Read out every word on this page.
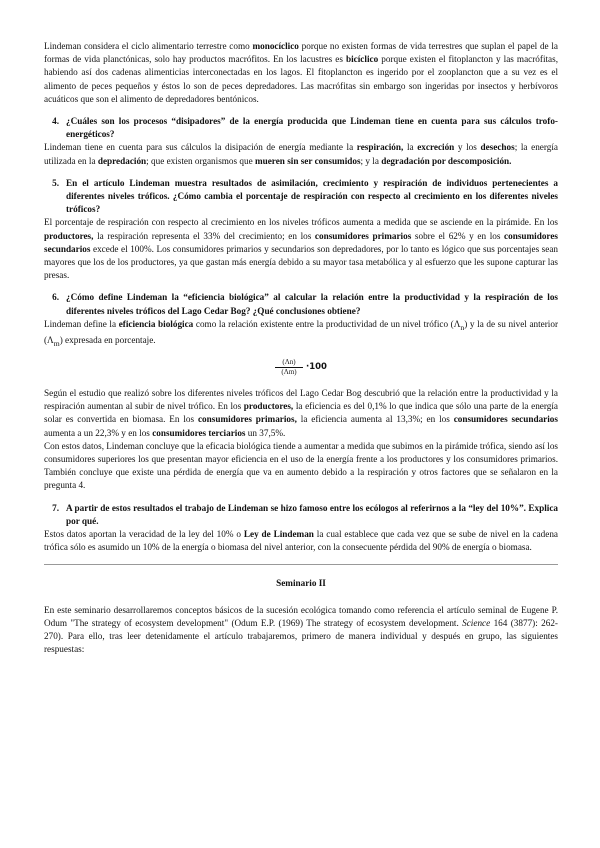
Lindeman considera el ciclo alimentario terrestre como monocíclico porque no existen formas de vida terrestres que suplan el papel de la formas de vida planctónicas, solo hay productos macrófitos. En los lacustres es bicíclico porque existen el fitoplancton y las macrófitas, habiendo así dos cadenas alimenticias interconectadas en los lagos. El fitoplancton es ingerido por el zooplancton que a su vez es el alimento de peces pequeños y éstos lo son de peces depredadores. Las macrófitas sin embargo son ingeridas por insectos y herbívoros acuáticos que son el alimento de depredadores bentónicos.

4. ¿Cuáles son los procesos “disipadores” de la energía producida que Lindeman tiene en cuenta para sus cálculos trofo-energéticos?

Lindeman tiene en cuenta para sus cálculos la disipación de energía mediante la respiración, la excreción y los desechos; la energía utilizada en la depredación; que existen organismos que mueren sin ser consumidos; y la degradación por descomposición.

5. En el artículo Lindeman muestra resultados de asimilación, crecimiento y respiración de individuos pertenecientes a diferentes niveles tróficos. ¿Cómo cambia el porcentaje de respiración con respecto al crecimiento en los diferentes niveles tróficos?

El porcentaje de respiración con respecto al crecimiento en los niveles tróficos aumenta a medida que se asciende en la pirámide. En los productores, la respiración representa el 33% del crecimiento; en los consumidores primarios sobre el 62% y en los consumidores secundarios excede el 100%. Los consumidores primarios y secundarios son depredadores, por lo tanto es lógico que sus porcentajes sean mayores que los de los productores, ya que gastan más energía debido a su mayor tasa metabólica y al esfuerzo que les supone capturar las presas.

6. ¿Cómo define Lindeman la “eficiencia biológica” al calcular la relación entre la productividad y la respiración de los diferentes niveles tróficos del Lago Cedar Bog? ¿Qué conclusiones obtiene?

Lindeman define la eficiencia biológica como la relación existente entre la productividad de un nivel trófico $(\Lambda_n)$ y la de su nivel anterior $(\Lambda_m)$ expresada en porcentaje.

$\frac{(\Lambda n)}{(\Lambda m)} \cdot 100$

Según el estudio que realizó sobre los diferentes niveles tróficos del Lago Cedar Bog descubrió que la relación entre la productividad y la respiración aumentan al subir de nivel trófico. En los productores, la eficiencia es del 0,1% lo que indica que sólo una parte de la energía solar es convertida en biomasa. En los consumidores primarios, la eficiencia aumenta al 13,3%; en los consumidores secundarios aumenta a un 22,3% y en los consumidores terciarios un 37,5%.

Con estos datos, Lindeman concluye que la eficacia biológica tiende a aumentar a medida que subimos en la pirámide trófica, siendo así los consumidores superiores los que presentan mayor eficiencia en el uso de la energía frente a los productores y los consumidores primarios. También concluye que existe una pérdida de energía que va en aumento debido a la respiración y otros factores que se señalaron en la pregunta 4.

7. A partir de estos resultados el trabajo de Lindeman se hizo famoso entre los ecólogos al referirnos a la “ley del 10%”. Explica por qué.

Estos datos aportan la veracidad de la ley del 10% o Ley de Lindeman la cual establece que cada vez que se sube de nivel en la cadena trófica sólo es asumido un 10% de la energía o biomasa del nivel anterior, con la consecuente pérdida del 90% de energía o biomasa.

Seminario II

En este seminario desarrollaremos conceptos básicos de la sucesión ecológica tomando como referencia el artículo seminal de Eugene P. Odum "The strategy of ecosystem development" (Odum E.P. (1969) The strategy of ecosystem development. Science 164 (3877): 262-270). Para ello, tras leer detenidamente el artículo trabajaremos, primero de manera individual y después en grupo, las siguientes respuestas:
